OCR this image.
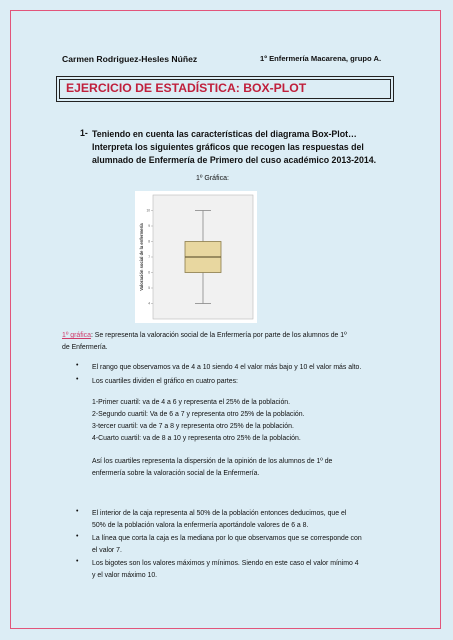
Carmen Rodriguez-Hesles Núñez	1º Enfermería Macarena, grupo A.
EJERCICIO DE ESTADÍSTICA: BOX-PLOT
1- Teniendo en cuenta las características del diagrama Box-Plot…
Interpreta los siguientes gráficos que recogen las respuestas del
alumnado de Enfermería de Primero del cuso académico 2013-2014.
1º Gráfica:
4
5
6
7
8
9
10
Valoración social de la enfermería
1º gráfica: Se representa la valoración social de la Enfermería por parte de los alumnos de 1º
de Enfermería.
• El rango que observamos va de 4 a 10 siendo 4 el valor más bajo y 10 el valor más alto.
• Los cuartiles dividen el gráfico en cuatro partes:
1-Primer cuartil: va de 4 a 6 y representa el 25% de la población.
2-Segundo cuartil: Va de 6 a 7 y representa otro 25% de la población.
3-tercer cuartil: va de 7 a 8 y representa otro 25% de la población.
4-Cuarto cuartil: va de 8 a 10 y representa otro 25% de la población.
Así los cuartiles representa la dispersión de la opinión de los alumnos de 1º de
enfermería sobre la valoración social de la Enfermería.
• El interior de la caja representa al 50% de la población entonces deducimos, que el
50% de la población valora la enfermería aportándole valores de 6 a 8.
• La línea que corta la caja es la mediana por lo que observamos que se corresponde con
el valor 7.
• Los bigotes son los valores máximos y mínimos. Siendo en este caso el valor mínimo 4
y el valor máximo 10.
